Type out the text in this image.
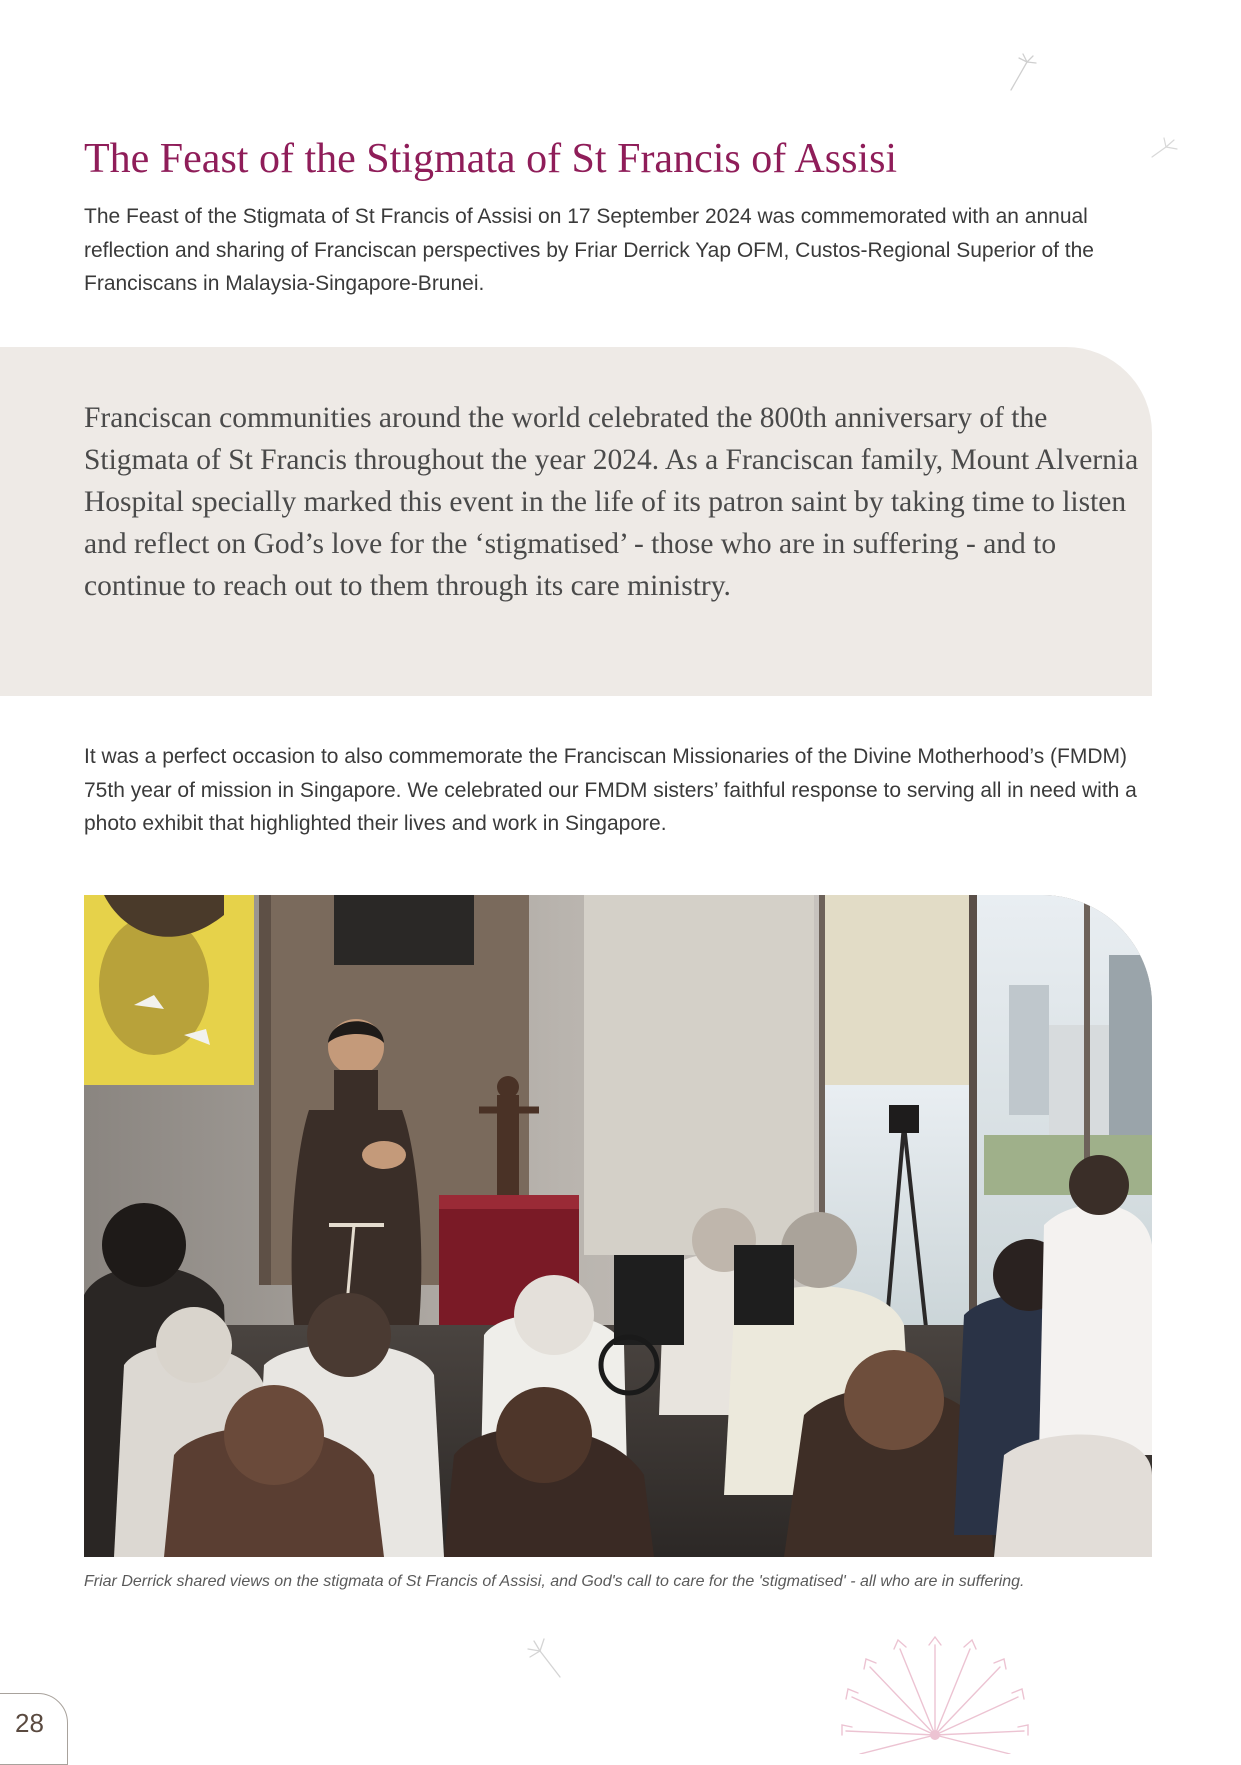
The Feast of the Stigmata of St Francis of Assisi

The Feast of the Stigmata of St Francis of Assisi on 17 September 2024 was commemorated with an annual reflection and sharing of Franciscan perspectives by Friar Derrick Yap OFM, Custos-Regional Superior of the Franciscans in Malaysia-Singapore-Brunei.

Franciscan communities around the world celebrated the 800th anniversary of the Stigmata of St Francis throughout the year 2024. As a Franciscan family, Mount Alvernia Hospital specially marked this event in the life of its patron saint by taking time to listen and reflect on God’s love for the ‘stigmatised’ - those who are in suffering - and to continue to reach out to them through its care ministry.

It was a perfect occasion to also commemorate the Franciscan Missionaries of the Divine Motherhood’s (FMDM) 75th year of mission in Singapore. We celebrated our FMDM sisters’ faithful response to serving all in need with a photo exhibit that highlighted their lives and work in Singapore.

Friar Derrick shared views on the stigmata of St Francis of Assisi, and God's call to care for the 'stigmatised' - all who are in suffering.

28
